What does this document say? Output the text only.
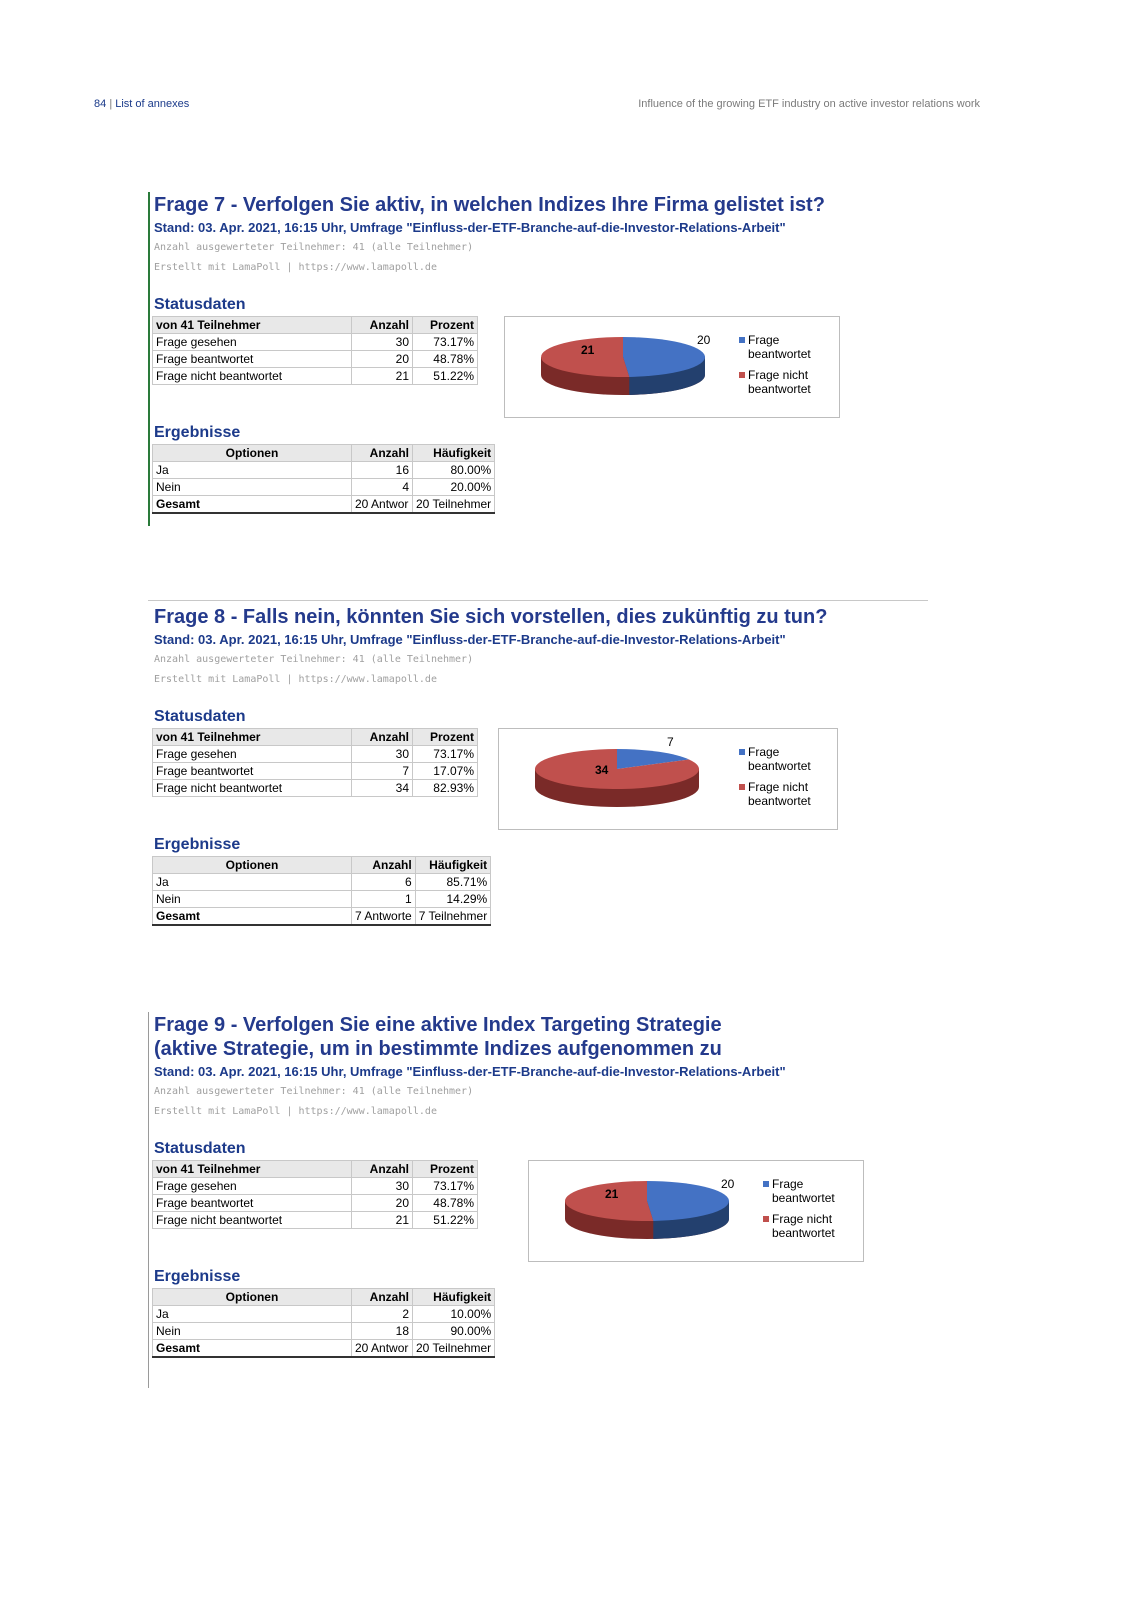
84 | List of annexes	Influence of the growing ETF industry on active investor relations work
Frage 7 - Verfolgen Sie aktiv, in welchen Indizes Ihre Firma gelistet ist?
Stand: 03. Apr. 2021, 16:15 Uhr, Umfrage "Einfluss-der-ETF-Branche-auf-die-Investor-Relations-Arbeit"
Anzahl ausgewerteter Teilnehmer: 41 (alle Teilnehmer)
Erstellt mit LamaPoll | https://www.lamapoll.de
Statusdaten
von 41 Teilnehmer	Anzahl	Prozent
Frage gesehen	30	73.17%
Frage beantwortet	20	48.78%
Frage nicht beantwortet	21	51.22%
21
20	Frage beantwortet
Frage nicht beantwortet
Ergebnisse
Optionen	Anzahl	Häufigkeit
Ja	16	80.00%
Nein	4	20.00%
Gesamt	20 Antwor	20 Teilnehmer
Frage 8 - Falls nein, könnten Sie sich vorstellen, dies zukünftig zu tun?
Stand: 03. Apr. 2021, 16:15 Uhr, Umfrage "Einfluss-der-ETF-Branche-auf-die-Investor-Relations-Arbeit"
Anzahl ausgewerteter Teilnehmer: 41 (alle Teilnehmer)
Erstellt mit LamaPoll | https://www.lamapoll.de
Statusdaten
von 41 Teilnehmer	Anzahl	Prozent
Frage gesehen	30	73.17%
Frage beantwortet	7	17.07%
Frage nicht beantwortet	34	82.93%
34
7
Frage beantwortet
Frage nicht beantwortet
Ergebnisse
Optionen	Anzahl	Häufigkeit
Ja	6	85.71%
Nein	1	14.29%
Gesamt	7 Antworte	7 Teilnehmer
Frage 9 - Verfolgen Sie eine aktive Index Targeting Strategie
(aktive Strategie, um in bestimmte Indizes aufgenommen zu
Stand: 03. Apr. 2021, 16:15 Uhr, Umfrage "Einfluss-der-ETF-Branche-auf-die-Investor-Relations-Arbeit"
Anzahl ausgewerteter Teilnehmer: 41 (alle Teilnehmer)
Erstellt mit LamaPoll | https://www.lamapoll.de
Statusdaten
von 41 Teilnehmer	Anzahl	Prozent
Frage gesehen	30	73.17%
Frage beantwortet	20	48.78%
Frage nicht beantwortet	21	51.22%
21
20	Frage beantwortet
Frage nicht beantwortet
Ergebnisse
Optionen	Anzahl	Häufigkeit
Ja	2	10.00%
Nein	18	90.00%
Gesamt	20 Antwor	20 Teilnehmer
